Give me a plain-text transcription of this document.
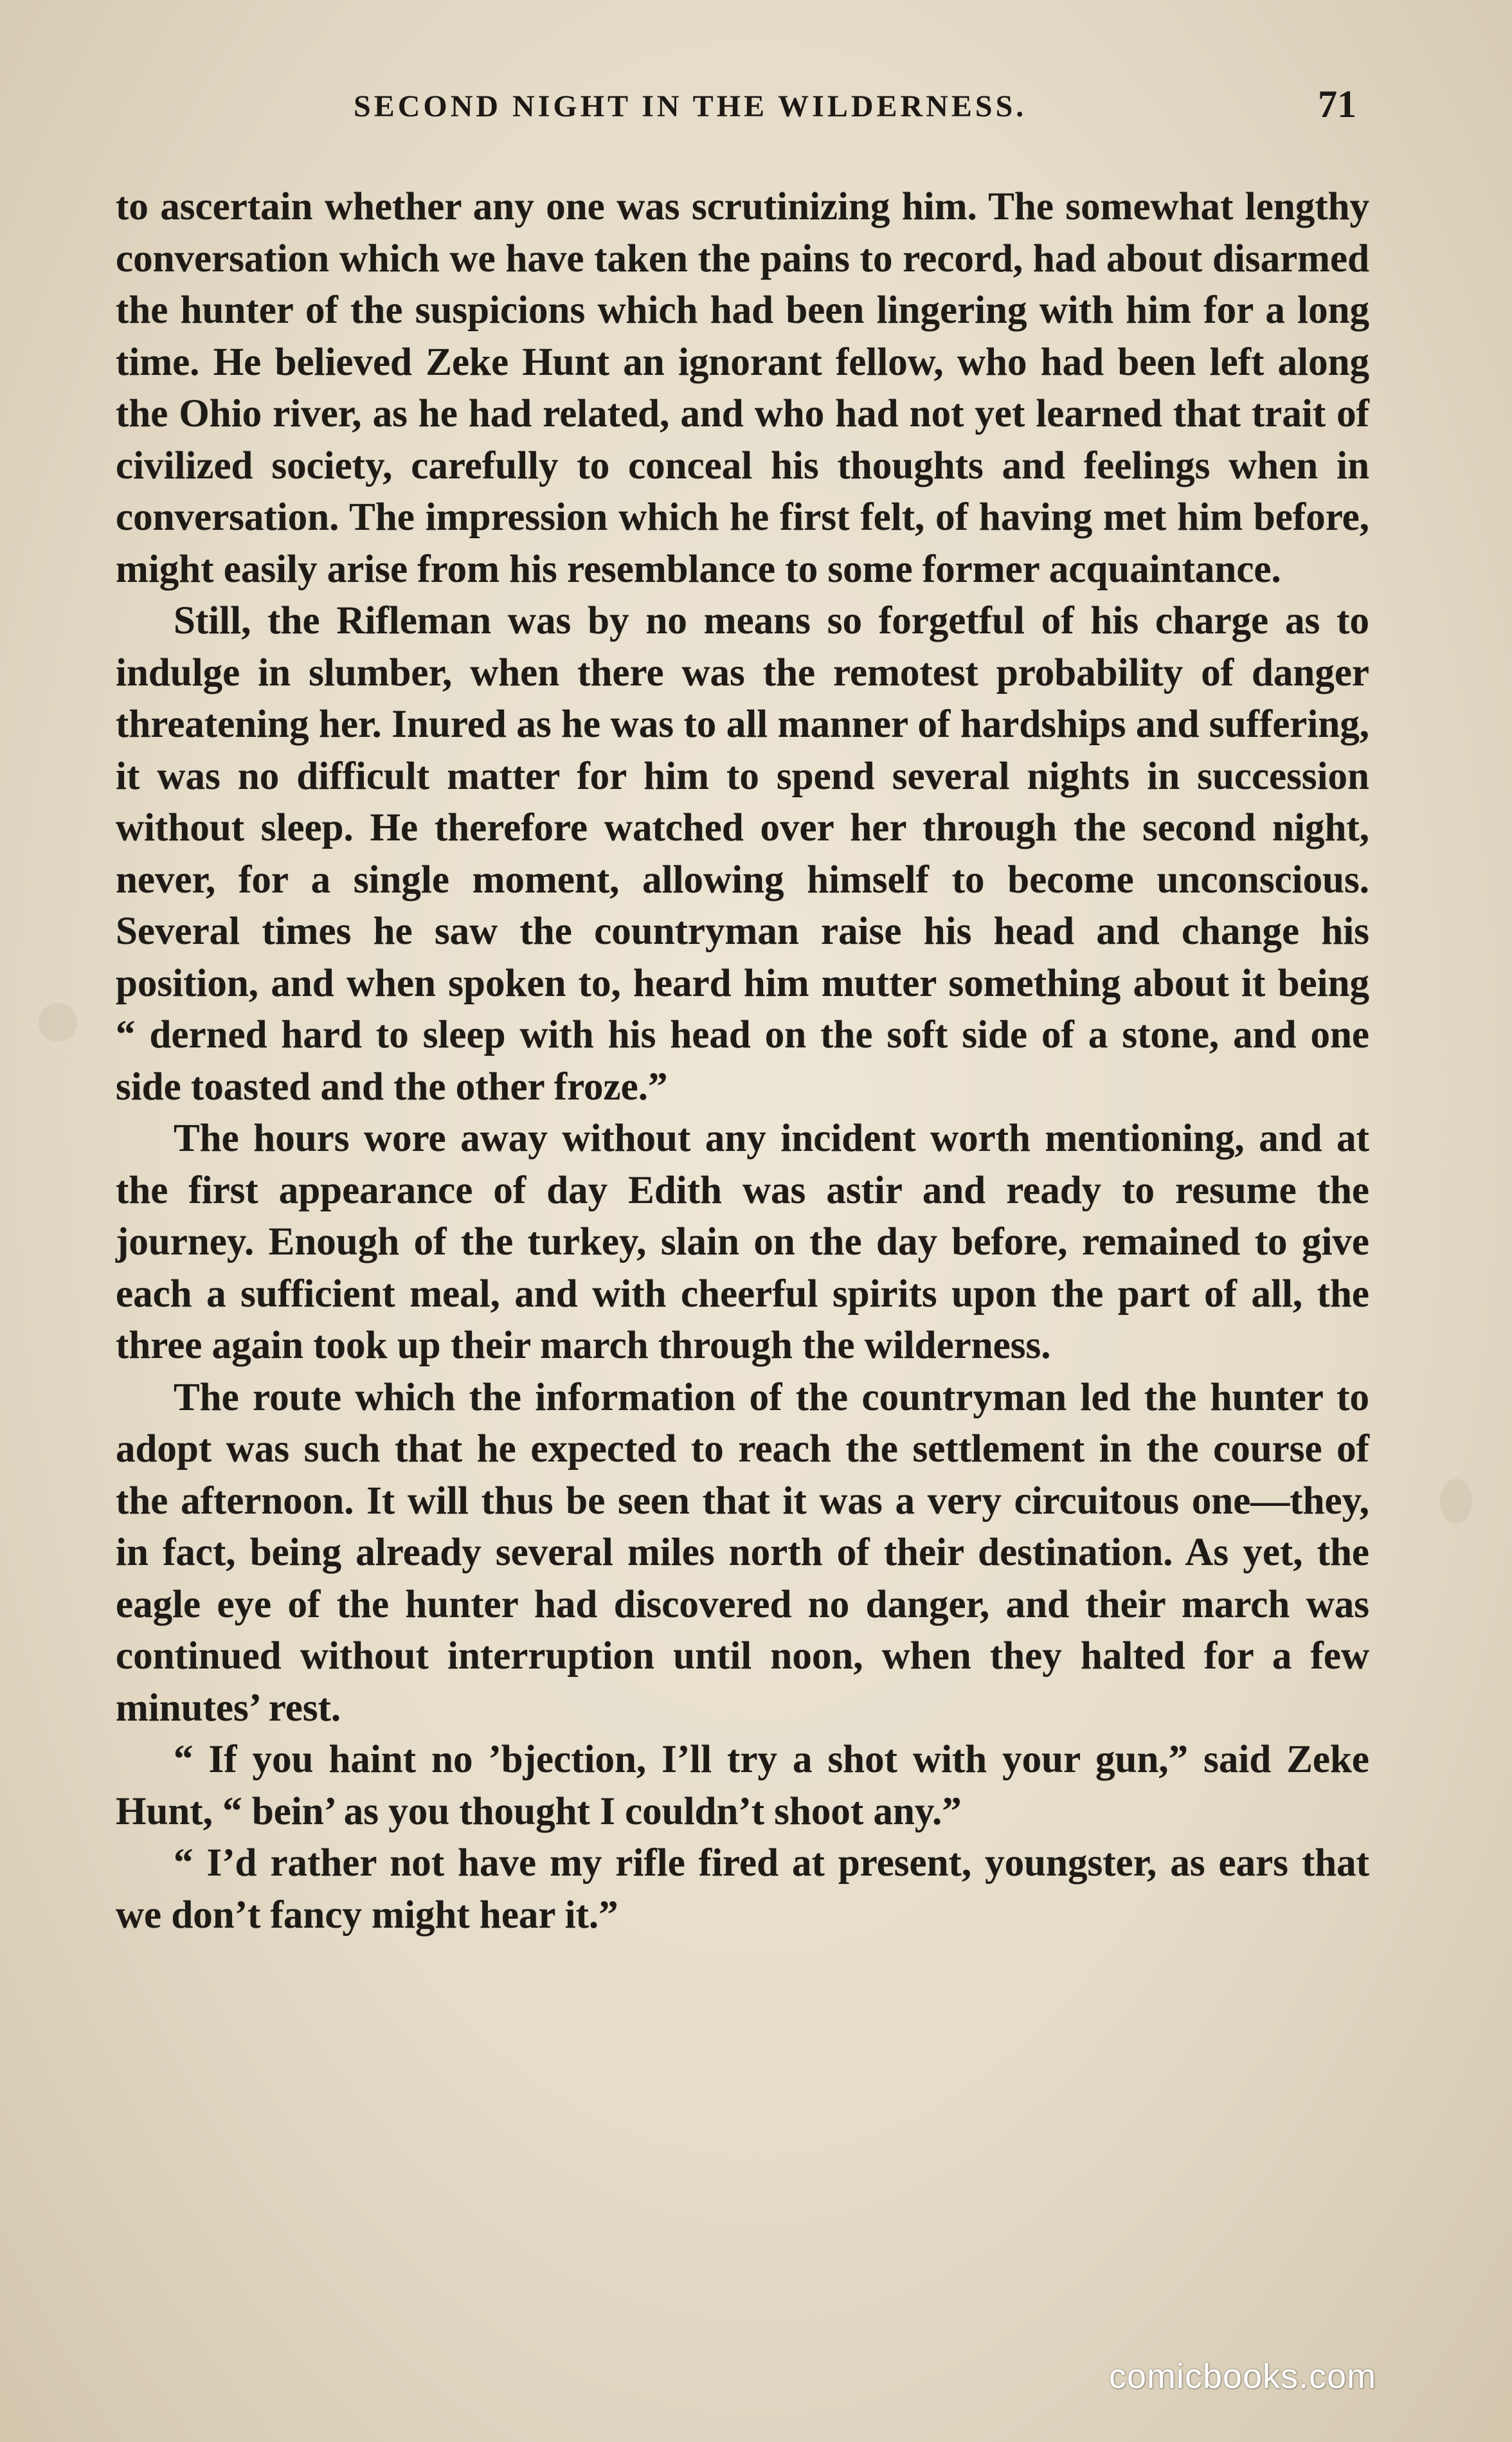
SECOND NIGHT IN THE WILDERNESS.	71

to ascertain whether any one was scrutinizing him. The somewhat lengthy conversation which we have taken the pains to record, had about disarmed the hunter of the suspicions which had been lingering with him for a long time. He believed Zeke Hunt an ignorant fellow, who had been left along the Ohio river, as he had related, and who had not yet learned that trait of civilized society, carefully to conceal his thoughts and feelings when in conversation. The impression which he first felt, of having met him before, might easily arise from his resemblance to some former acquaintance.

Still, the Rifleman was by no means so forgetful of his charge as to indulge in slumber, when there was the remotest probability of danger threatening her. Inured as he was to all manner of hardships and suffering, it was no difficult matter for him to spend several nights in succession without sleep. He therefore watched over her through the second night, never, for a single moment, allowing himself to become unconscious. Several times he saw the countryman raise his head and change his position, and when spoken to, heard him mutter something about it being “ derned hard to sleep with his head on the soft side of a stone, and one side toasted and the other froze.”

The hours wore away without any incident worth mentioning, and at the first appearance of day Edith was astir and ready to resume the journey. Enough of the turkey, slain on the day before, remained to give each a sufficient meal, and with cheerful spirits upon the part of all, the three again took up their march through the wilderness.

The route which the information of the countryman led the hunter to adopt was such that he expected to reach the settlement in the course of the afternoon. It will thus be seen that it was a very circuitous one—they, in fact, being already several miles north of their destination. As yet, the eagle eye of the hunter had discovered no danger, and their march was continued without interruption until noon, when they halted for a few minutes’ rest.

“ If you haint no ’bjection, I’ll try a shot with your gun,” said Zeke Hunt, “ bein’ as you thought I couldn’t shoot any.”

“ I’d rather not have my rifle fired at present, youngster, as ears that we don’t fancy might hear it.”

comicbooks.com
